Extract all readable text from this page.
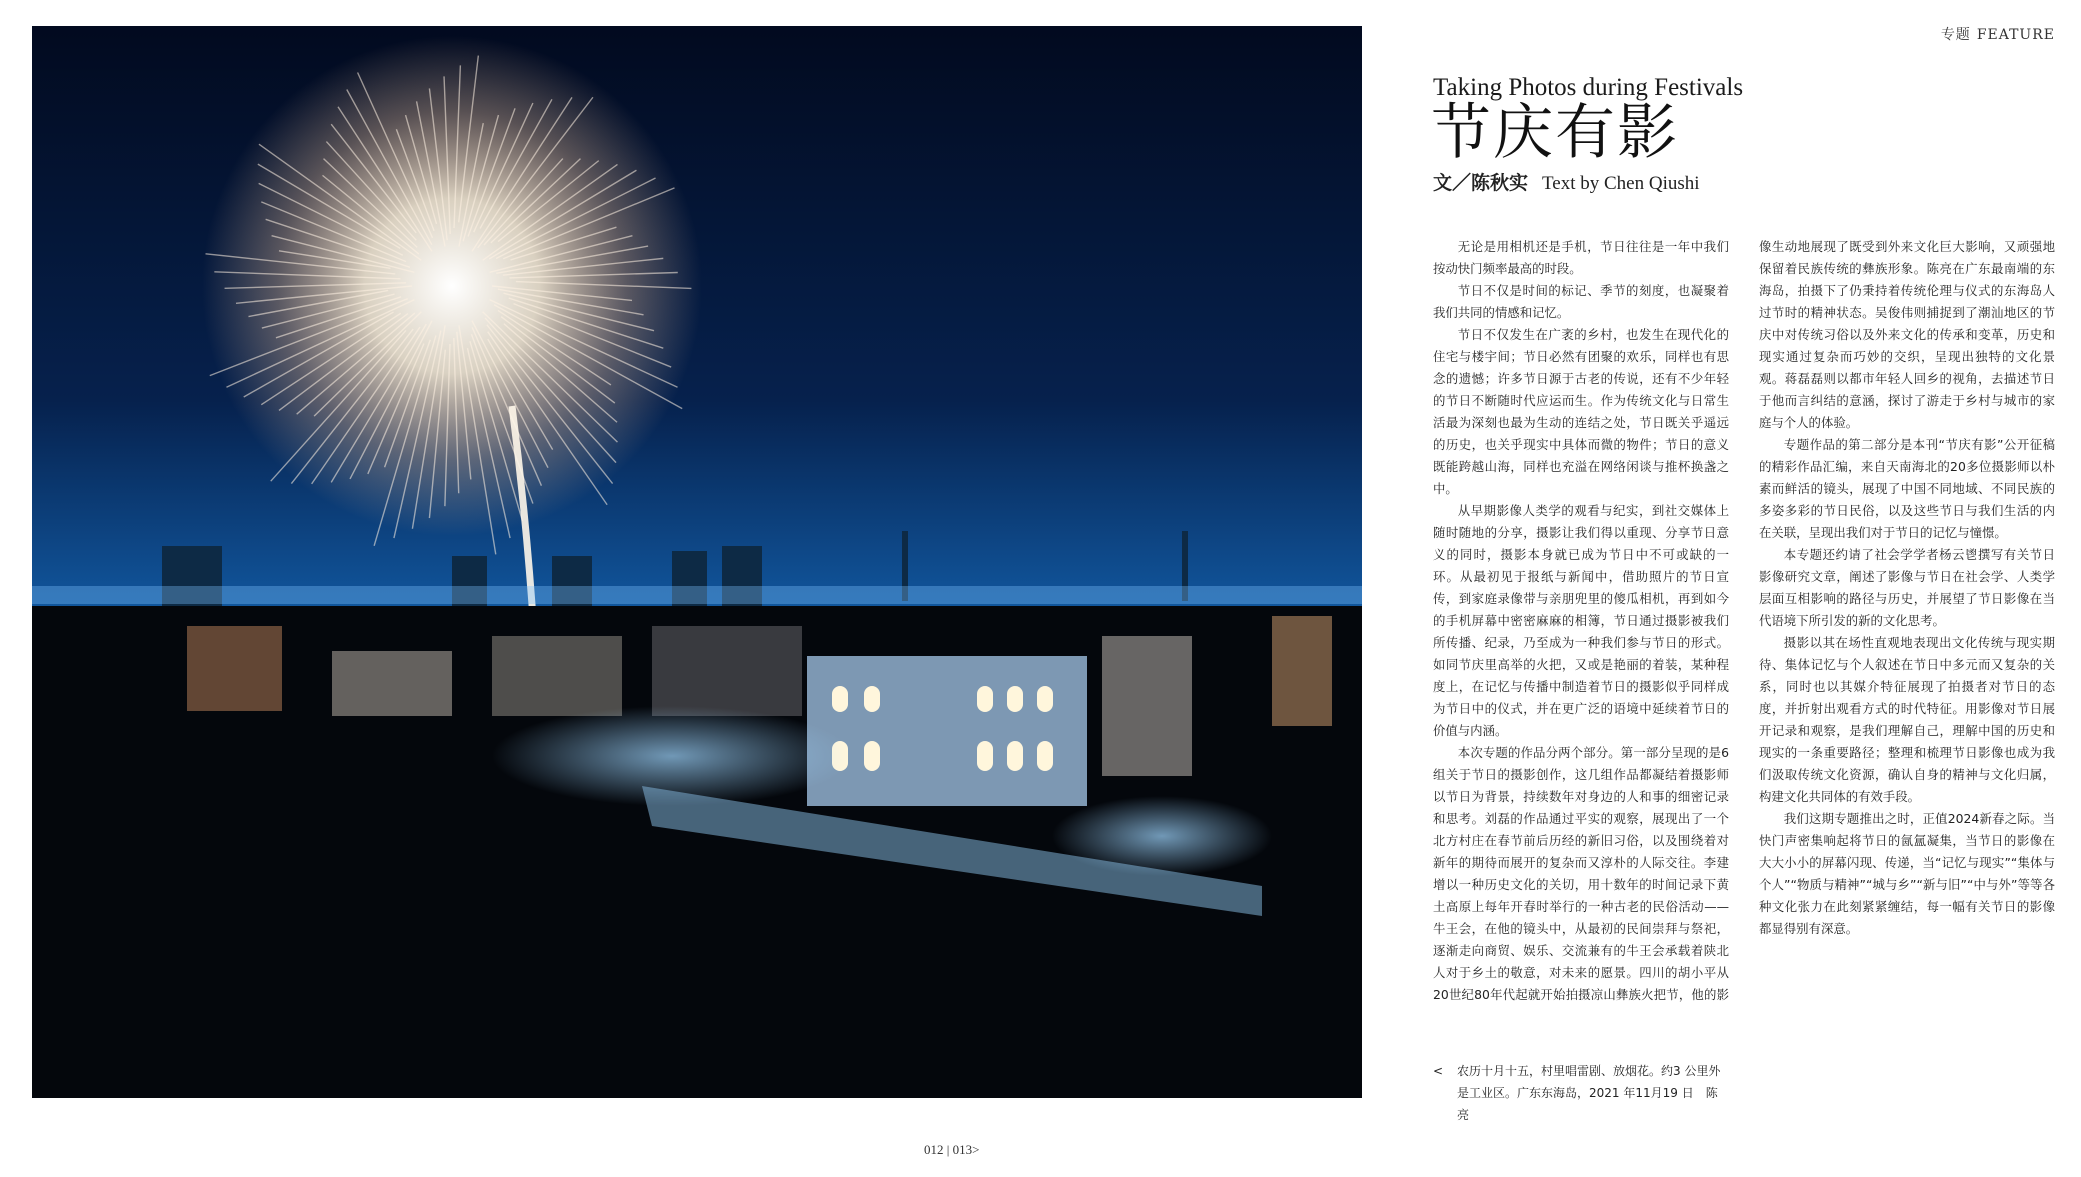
专题 FEATURE
Taking Photos during Festivals
节庆有影
文／陈秋实 Text by Chen Qiushi

无论是用相机还是手机，节日往往是一年中我们按动快门频率最高的时段。

节日不仅是时间的标记、季节的刻度，也凝聚着我们共同的情感和记忆。

节日不仅发生在广袤的乡村，也发生在现代化的住宅与楼宇间；节日必然有团聚的欢乐，同样也有思念的遗憾；许多节日源于古老的传说，还有不少年轻的节日不断随时代应运而生。作为传统文化与日常生活最为深刻也最为生动的连结之处，节日既关乎遥远的历史，也关乎现实中具体而微的物件；节日的意义既能跨越山海，同样也充溢在网络闲谈与推杯换盏之中。

从早期影像人类学的观看与纪实，到社交媒体上随时随地的分享，摄影让我们得以重现、分享节日意义的同时，摄影本身就已成为节日中不可或缺的一环。从最初见于报纸与新闻中，借助照片的节日宣传，到家庭录像带与亲朋兜里的傻瓜相机，再到如今的手机屏幕中密密麻麻的相簿，节日通过摄影被我们所传播、纪录，乃至成为一种我们参与节日的形式。如同节庆里高举的火把，又或是艳丽的着装，某种程度上，在记忆与传播中制造着节日的摄影似乎同样成为节日中的仪式，并在更广泛的语境中延续着节日的价值与内涵。

本次专题的作品分两个部分。第一部分呈现的是6组关于节日的摄影创作，这几组作品都凝结着摄影师以节日为背景，持续数年对身边的人和事的细密记录和思考。刘磊的作品通过平实的观察，展现出了一个北方村庄在春节前后历经的新旧习俗，以及围绕着对新年的期待而展开的复杂而又淳朴的人际交往。李建增以一种历史文化的关切，用十数年的时间记录下黄土高原上每年开春时举行的一种古老的民俗活动——牛王会，在他的镜头中，从最初的民间崇拜与祭祀，逐渐走向商贸、娱乐、交流兼有的牛王会承载着陕北人对于乡土的敬意，对未来的愿景。四川的胡小平从20世纪80年代起就开始拍摄凉山彝族火把节，他的影像生动地展现了既受到外来文化巨大影响，又顽强地保留着民族传统的彝族形象。陈亮在广东最南端的东海岛，拍摄下了仍秉持着传统伦理与仪式的东海岛人过节时的精神状态。吴俊伟则捕捉到了潮汕地区的节庆中对传统习俗以及外来文化的传承和变革，历史和现实通过复杂而巧妙的交织，呈现出独特的文化景观。蒋磊磊则以都市年轻人回乡的视角，去描述节日于他而言纠结的意涵，探讨了游走于乡村与城市的家庭与个人的体验。

专题作品的第二部分是本刊“节庆有影”公开征稿的精彩作品汇编，来自天南海北的20多位摄影师以朴素而鲜活的镜头，展现了中国不同地域、不同民族的多姿多彩的节日民俗，以及这些节日与我们生活的内在关联，呈现出我们对于节日的记忆与憧憬。

本专题还约请了社会学学者杨云鬯撰写有关节日影像研究文章，阐述了影像与节日在社会学、人类学层面互相影响的路径与历史，并展望了节日影像在当代语境下所引发的新的文化思考。

摄影以其在场性直观地表现出文化传统与现实期待、集体记忆与个人叙述在节日中多元而又复杂的关系，同时也以其媒介特征展现了拍摄者对节日的态度，并折射出观看方式的时代特征。用影像对节日展开记录和观察，是我们理解自己，理解中国的历史和现实的一条重要路径；整理和梳理节日影像也成为我们汲取传统文化资源，确认自身的精神与文化归属，构建文化共同体的有效手段。

我们这期专题推出之时，正值2024新春之际。当快门声密集响起将节日的氤氲凝集，当节日的影像在大大小小的屏幕闪现、传递，当“记忆与现实”“集体与个人”“物质与精神”“城与乡”“新与旧”“中与外”等等各种文化张力在此刻紧紧缠结，每一幅有关节日的影像都显得别有深意。

<	农历十月十五，村里唱雷剧、放烟花。约3 公里外是工业区。广东东海岛，2021 年11月19 日　陈亮
012 | 013>
